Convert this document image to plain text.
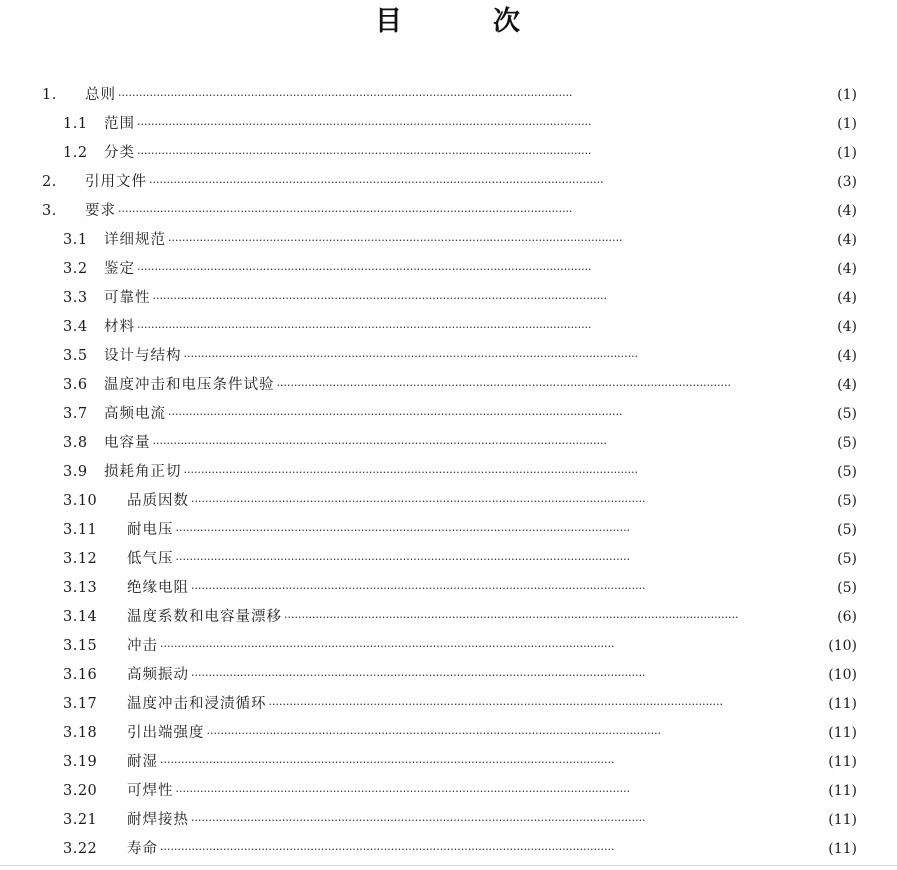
目	次
1. 总则 ··································································································································	(1)
1.1 范围 ··································································································································	(1)
1.2 分类 ··································································································································	(1)
2. 引用文件 ··································································································································	(3)
3. 要求 ··································································································································	(4)
3.1 详细规范 ··································································································································	(4)
3.2 鉴定 ··································································································································	(4)
3.3 可靠性 ··································································································································	(4)
3.4 材料 ··································································································································	(4)
3.5 设计与结构 ··································································································································	(4)
3.6 温度冲击和电压条件试验 ··································································································································	(4)
3.7 高频电流 ··································································································································	(5)
3.8 电容量 ··································································································································	(5)
3.9 损耗角正切 ··································································································································	(5)
3.10 品质因数 ··································································································································	(5)
3.11 耐电压 ··································································································································	(5)
3.12 低气压 ··································································································································	(5)
3.13 绝缘电阻 ··································································································································	(5)
3.14 温度系数和电容量漂移 ··································································································································	(6)
3.15 冲击 ··································································································································	(10)
3.16 高频振动 ··································································································································	(10)
3.17 温度冲击和浸渍循环 ··································································································································	(11)
3.18 引出端强度 ··································································································································	(11)
3.19 耐湿 ··································································································································	(11)
3.20 可焊性 ··································································································································	(11)
3.21 耐焊接热 ··································································································································	(11)
3.22 寿命 ··································································································································	(11)
